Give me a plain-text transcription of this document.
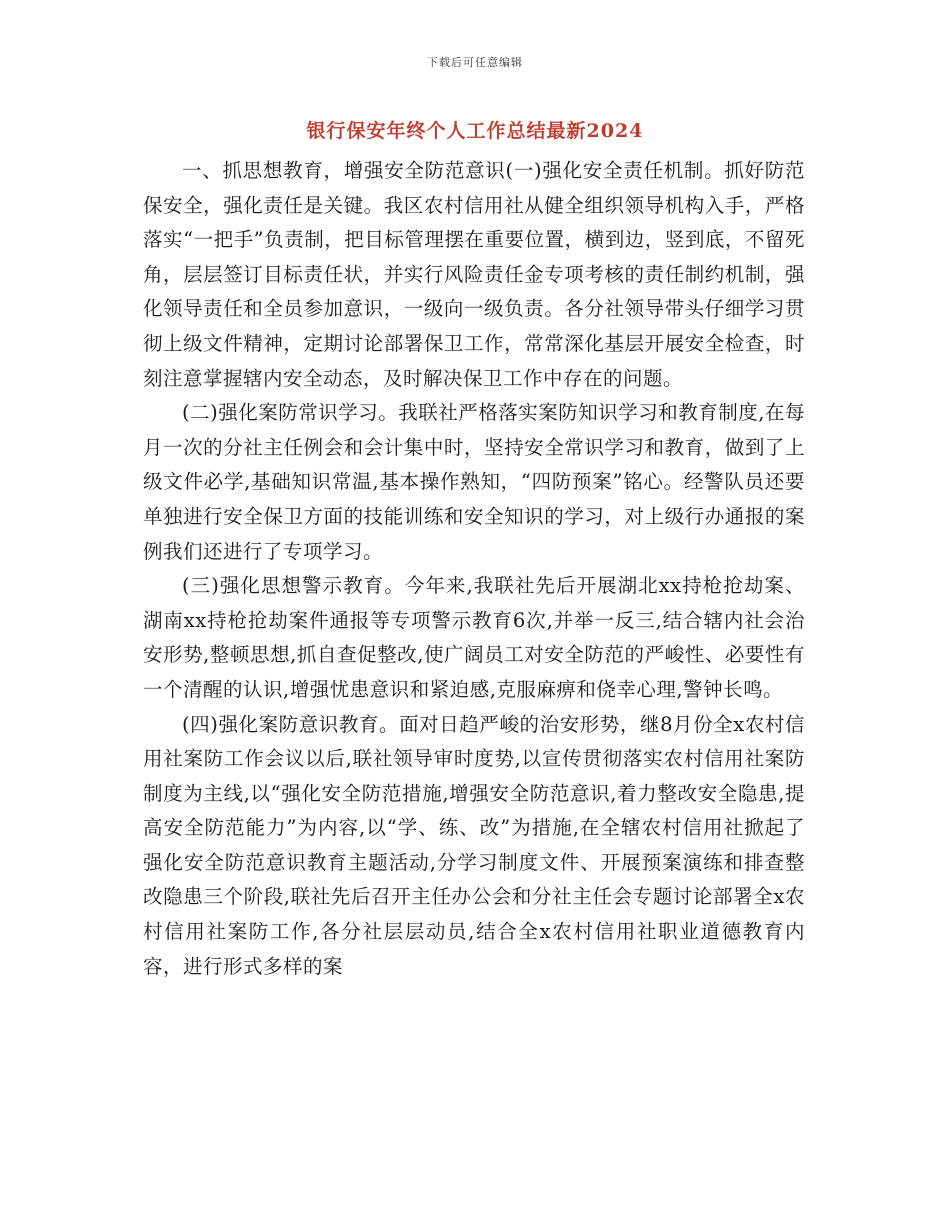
下载后可任意编辑
银行保安年终个人工作总结最新2024

一、抓思想教育，增强安全防范意识(一)强化安全责任机制。抓好防范保安全，强化责任是关键。我区农村信用社从健全组织领导机构入手，严格落实“一把手”负责制，把目标管理摆在重要位置，横到边，竖到底，不留死角，层层签订目标责任状，并实行风险责任金专项考核的责任制约机制，强化领导责任和全员参加意识，一级向一级负责。各分社领导带头仔细学习贯彻上级文件精神，定期讨论部署保卫工作，常常深化基层开展安全检查，时刻注意掌握辖内安全动态，及时解决保卫工作中存在的问题。

(二)强化案防常识学习。我联社严格落实案防知识学习和教育制度,在每月一次的分社主任例会和会计集中时，坚持安全常识学习和教育，做到了上级文件必学,基础知识常温,基本操作熟知，“四防预案”铭心。经警队员还要单独进行安全保卫方面的技能训练和安全知识的学习，对上级行办通报的案例我们还进行了专项学习。

(三)强化思想警示教育。今年来,我联社先后开展湖北xx持枪抢劫案、湖南xx持枪抢劫案件通报等专项警示教育6次,并举一反三,结合辖内社会治安形势,整顿思想,抓自查促整改,使广阔员工对安全防范的严峻性、必要性有一个清醒的认识,增强忧患意识和紧迫感,克服麻痹和侥幸心理,警钟长鸣。

(四)强化案防意识教育。面对日趋严峻的治安形势，继8月份全x农村信用社案防工作会议以后,联社领导审时度势,以宣传贯彻落实农村信用社案防制度为主线,以“强化安全防范措施,增强安全防范意识,着力整改安全隐患,提高安全防范能力”为内容,以“学、练、改”为措施,在全辖农村信用社掀起了强化安全防范意识教育主题活动,分学习制度文件、开展预案演练和排查整改隐患三个阶段,联社先后召开主任办公会和分社主任会专题讨论部署全x农村信用社案防工作,各分社层层动员,结合全x农村信用社职业道德教育内容，进行形式多样的案
